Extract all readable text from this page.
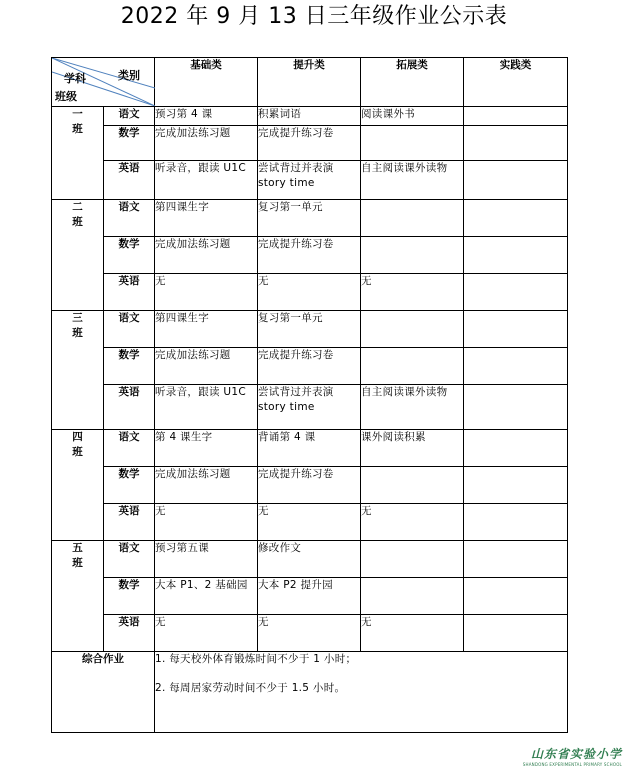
2022 年 9 月 13 日三年级作业公示表
学科 类别
班级		基础类	提升类	拓展类	实践类
一
班	语文	预习第 4 课	积累词语	阅读课外书	

	数学	完成加法练习题	完成提升练习卷		

	英语	听录音，跟读 U1C	尝试背过并表演 story time	自主阅读课外读物	

二
班	语文	第四课生字	复习第一单元		

	数学	完成加法练习题	完成提升练习卷		

	英语	无	无	无	

三
班	语文	第四课生字	复习第一单元		

	数学	完成加法练习题	完成提升练习卷		

	英语	听录音，跟读 U1C	尝试背过并表演 story time	自主阅读课外读物	

四
班	语文	第 4 课生字	背诵第 4 课	课外阅读积累	

	数学	完成加法练习题	完成提升练习卷		

	英语	无	无	无	

五
班	语文	预习第五课	修改作文		

	数学	大本 P1、2 基础园	大本 P2 提升园		

	英语	无	无	无	

综合作业		1. 每天校外体育锻炼时间不少于 1 小时；
2. 每周居家劳动时间不少于 1.5 小时。			
山东省实验小学
SHANDONG EXPERIMENTAL PRIMARY SCHOOL
